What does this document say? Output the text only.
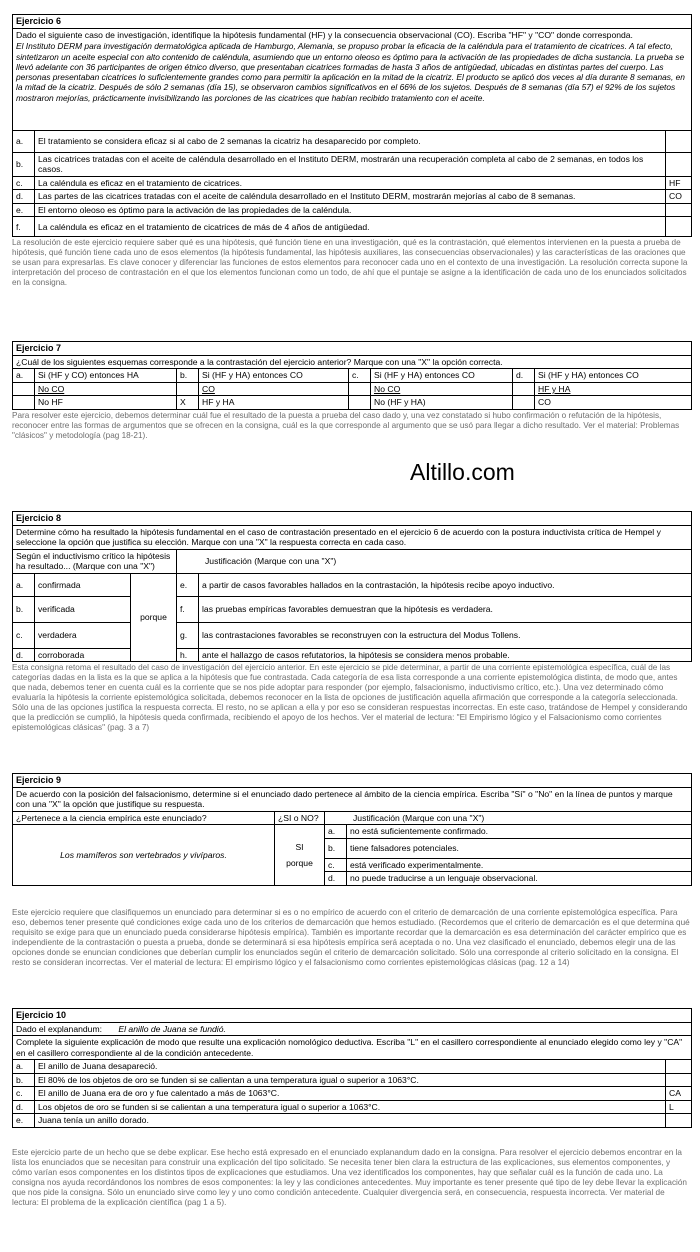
Ejercicio 6		

Dado el siguiente caso de investigación, identifique la hipótesis fundamental (HF) y la consecuencia observacional (CO). Escriba "HF" y "CO" donde corresponda.
El Instituto DERM para investigación dermatológica aplicada de Hamburgo, Alemania, se propuso probar la eficacia de la caléndula para el tratamiento de cicatrices. A tal efecto, sintetizaron un aceite especial con alto contenido de caléndula, asumiendo que un entorno oleoso es óptimo para la activación de las propiedades de dicha sustancia. La prueba se llevó adelante con 36 participantes de origen étnico diverso, que presentaban cicatrices formadas de hasta 3 años de antigüedad, ubicadas en distintas partes del cuerpo. Las personas presentaban cicatrices lo suficientemente grandes como para permitir la aplicación en la mitad de la cicatriz. El producto se aplicó dos veces al día durante 8 semanas, en la mitad de la cicatriz. Después de sólo 2 semanas (día 15), se observaron cambios significativos en el 66% de los sujetos. Después de 8 semanas (día 57) el 92% de los sujetos mostraron mejorías, prácticamente invisibilizando las porciones de las cicatrices que habían recibido tratamiento con el aceite.		

a.	El tratamiento se considera eficaz si al cabo de 2 semanas la cicatriz ha desaparecido por completo.	
b.	Las cicatrices tratadas con el aceite de caléndula desarrollado en el Instituto DERM, mostrarán una recuperación completa al cabo de 2 semanas, en todos los casos.	
c.	La caléndula es eficaz en el tratamiento de cicatrices.	HF
d.	Las partes de las cicatrices tratadas con el aceite de caléndula desarrollado en el Instituto DERM, mostrarán mejorías al cabo de 8 semanas.	CO
e.	El entorno oleoso es óptimo para la activación de las propiedades de la caléndula.	
f.	La caléndula es eficaz en el tratamiento de cicatrices de más de 4 años de antigüedad.	
La resolución de este ejercicio requiere saber qué es una hipótesis, qué función tiene en una investigación, qué es la contrastación, qué elementos intervienen en la puesta a prueba de hipótesis, qué función tiene cada uno de esos elementos (la hipótesis fundamental, las hipótesis auxiliares, las consecuencias observacionales) y las características de las oraciones que se usan para expresarlas. Es clave conocer y diferenciar las funciones de estos elementos para reconocer cada uno en el contexto de una investigación. La resolución correcta supone la interpretación del proceso de contrastación en el que los elementos funcionan como un todo, de ahí que el puntaje se asigne a la identificación de cada uno de los enunciados solicitados en la consigna.
Ejercicio 7							
¿Cuál de los siguientes esquemas corresponde a la contrastación del ejercicio anterior? Marque con una "X" la opción correcta.							
a.	Si (HF y CO) entonces HA	b.	Si (HF y HA) entonces CO	c.	Si (HF y HA) entonces CO	d.	Si (HF y HA) entonces CO
	No CO		CO		No CO		HF y HA
	No HF	X	HF y HA		No (HF y HA)		CO
Para resolver este ejercicio, debemos determinar cuál fue el resultado de la puesta a prueba del caso dado y, una vez constatado si hubo confirmación o refutación de la hipótesis, reconocer entre las formas de argumentos que se ofrecen en la consigna, cuál es la que corresponde al argumento que se usó para llegar a dicho resultado. Ver el material: Problemas "clásicos" y metodología (pag 18-21).
Altillo.com
Ejercicio 8				
Determine cómo ha resultado la hipótesis fundamental en el caso de contrastación presentado en el ejercicio 6 de acuerdo con la postura inductivista crítica de Hempel y seleccione la opción que justifica su elección. Marque con una "X" la respuesta correcta en cada caso.				
Según el inductivismo crítico la hipótesis ha resultado... (Marque con una "X")			Justificación (Marque con una "X")	
a.	confirmada	porque	e.	a partir de casos favorables hallados en la contrastación, la hipótesis recibe apoyo inductivo.
b.	verificada		f.	las pruebas empíricas favorables demuestran que la hipótesis es verdadera.
c.	verdadera		g.	las contrastaciones favorables se reconstruyen con la estructura del Modus Tollens.
d.	corroborada		h.	ante el hallazgo de casos refutatorios, la hipótesis se considera menos probable.
Esta consigna retoma el resultado del caso de investigación del ejercicio anterior. En este ejercicio se pide determinar, a partir de una corriente epistemológica específica, cuál de las categorías dadas en la lista es la que se aplica a la hipótesis que fue contrastada. Cada categoría de esa lista corresponde a una corriente epistemológica distinta, de modo que, antes que nada, debemos tener en cuenta cuál es la corriente que se nos pide adoptar para responder (por ejemplo, falsacionismo, inductivismo crítico, etc.). Una vez determinado cómo evaluaría la hipótesis la corriente epistemológica solicitada, debemos reconocer en la lista de opciones de justificación aquella afirmación que corresponde a la categoría seleccionada. Sólo una de las opciones justifica la respuesta correcta. El resto, no se aplican a ella y por eso se consideran respuestas incorrectas. En este caso, tratándose de Hempel y considerando que la predicción se cumplió, la hipótesis queda confirmada, recibiendo el apoyo de los hechos. Ver el material de lectura: "El Empirismo lógico y el Falsacionismo como corrientes epistemológicas clásicas" (pag. 3 a 7)
Ejercicio 9			
De acuerdo con la posición del falsacionismo, determine si el enunciado dado pertenece al ámbito de la ciencia empírica. Escriba "Sí" o "No" en la línea de puntos y marque con una "X" la opción que justifique su respuesta.			
¿Pertenece a la ciencia empírica este enunciado?	¿SI o NO?	Justificación (Marque con una "X")	
Los mamíferos son vertebrados y vivíparos.	SI
porque	a.	no está suficientemente confirmado.
		b.	tiene falsadores potenciales.
		c.	está verificado experimentalmente.
		d.	no puede traducirse a un lenguaje observacional.
Este ejercicio requiere que clasifiquemos un enunciado para determinar si es o no empírico de acuerdo con el criterio de demarcación de una corriente epistemológica específica. Para eso, debemos tener presente qué condiciones exige cada uno de los criterios de demarcación que hemos estudiado. (Recordemos que el criterio de demarcación es el que determina qué requisito se exige para que un enunciado pueda considerarse hipótesis empírica). También es importante recordar que la demarcación es esa determinación del carácter empírico que es independiente de la contrastación o puesta a prueba, donde se determinará si esa hipótesis empírica será aceptada o no. Una vez clasificado el enunciado, debemos elegir una de las opciones donde se enuncian condiciones que deberían cumplir los enunciados según el criterio de demarcación solicitado. Sólo una corresponde al criterio solicitado en la consigna. El resto se consideran incorrectas. Ver el material de lectura: El empirismo lógico y el falsacionismo como corrientes epistemológicas clásicas (pag. 12 a 14)
Ejercicio 10		
Dado el explanandum: El anillo de Juana se fundió.		
Complete la siguiente explicación de modo que resulte una explicación nomológico deductiva. Escriba "L" en el casillero correspondiente al enunciado elegido como ley y "CA" en el casillero correspondiente al de la condición antecedente.		
a.	El anillo de Juana desapareció.	
b.	El 80% de los objetos de oro se funden si se calientan a una temperatura igual o superior a 1063°C.	
c.	El anillo de Juana era de oro y fue calentado a más de 1063°C.	CA
d.	Los objetos de oro se funden si se calientan a una temperatura igual o superior a 1063°C.	L
e.	Juana tenía un anillo dorado.	
Este ejercicio parte de un hecho que se debe explicar. Ese hecho está expresado en el enunciado explanandum dado en la consigna. Para resolver el ejercicio debemos encontrar en la lista los enunciados que se necesitan para construir una explicación del tipo solicitado. Se necesita tener bien clara la estructura de las explicaciones, sus elementos componentes, y cómo varían esos componentes en los distintos tipos de explicaciones que estudiamos. Una vez identificados los componentes, hay que señalar cuál es la función de cada uno. La consigna nos ayuda recordándonos los nombres de esos componentes: la ley y las condiciones antecedentes. Muy importante es tener presente qué tipo de ley debe llevar la explicación que nos pide la consigna. Sólo un enunciado sirve como ley y uno como condición antecedente. Cualquier divergencia será, en consecuencia, respuesta incorrecta. Ver material de lectura: El problema de la explicación científica (pag 1 a 5).
